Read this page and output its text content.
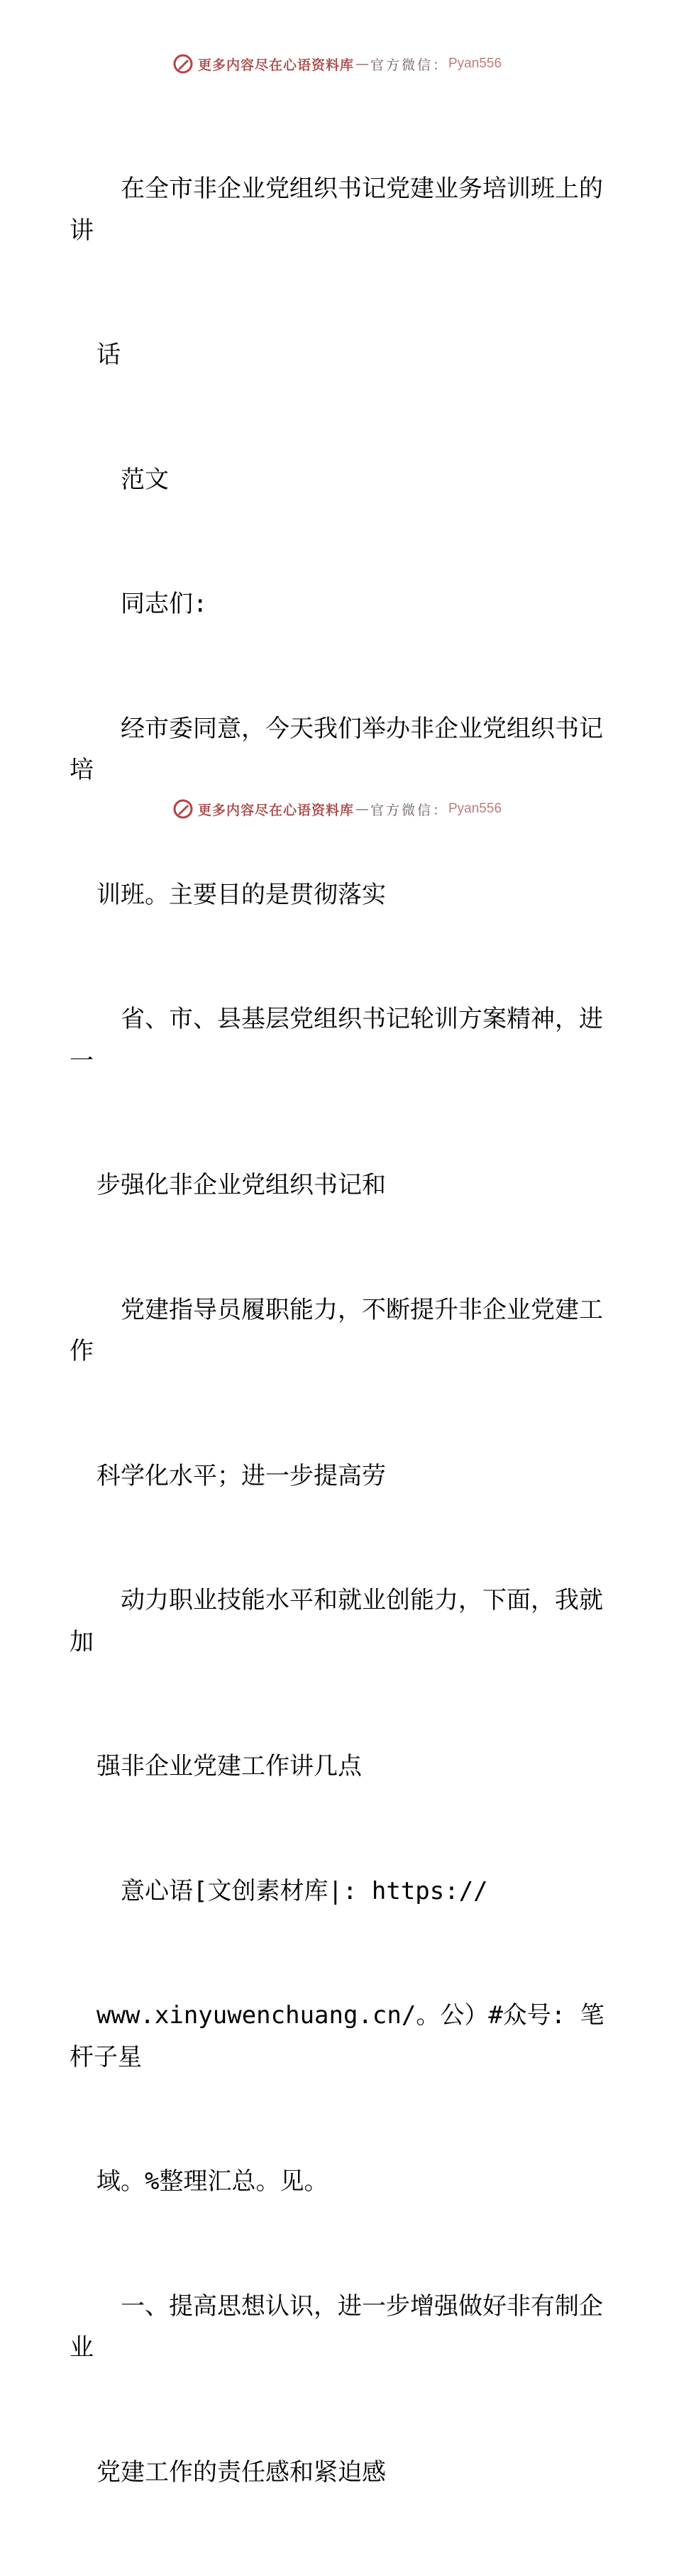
更多内容尽在心语资料库 — 官方微信： Pyan556

　在全市非企业党组织书记党建业务培训班上的讲

话

　范文

　同志们:

　经市委同意，今天我们举办非企业党组织书记培

训班。主要目的是贯彻落实

　省、市、县基层党组织书记轮训方案精神，进一

步强化非企业党组织书记和

　党建指导员履职能力，不断提升非企业党建工作

科学化水平；进一步提高劳

　动力职业技能水平和就业创能力，下面，我就加

强非企业党建工作讲几点

　意心语[文创素材库|: https://

www.xinyuwenchuang.cn/。公）#众号: 笔杆子星

域。%整理汇总。见。

　一、提高思想认识，进一步增强做好非有制企业

党建工作的责任感和紧迫感

更多内容尽在心语资料库 — 官方微信： Pyan556
